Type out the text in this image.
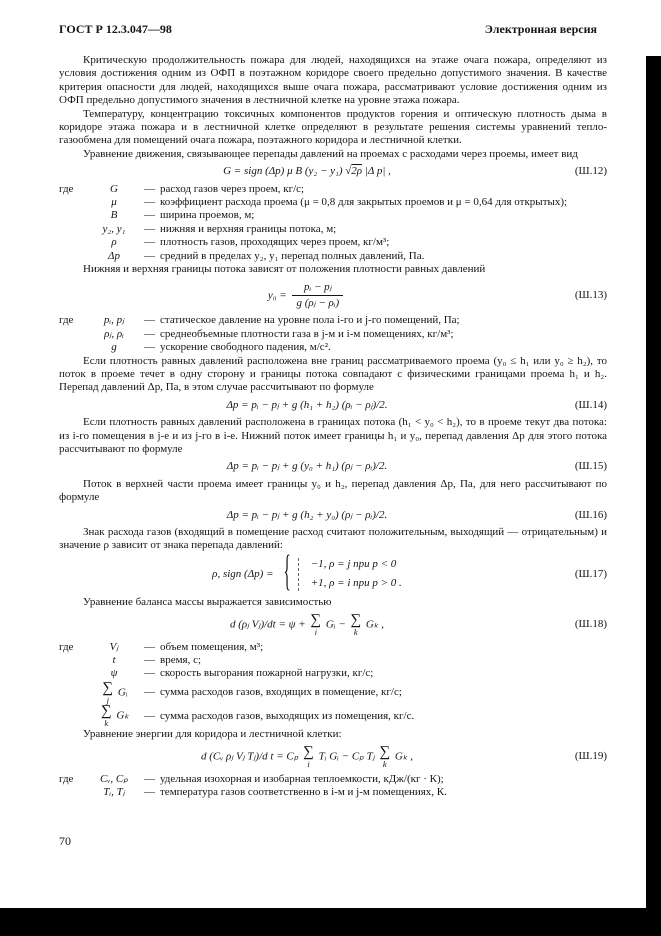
ГОСТ Р 12.3.047—98	Электронная версия
Критическую продолжительность пожара для людей, находящихся на этаже очага пожара, определяют из условия достижения одним из ОФП в поэтажном коридоре своего предельно допустимого значения. В качестве критерия опасности для людей, находящихся выше очага пожара, рассматривают условие достижения одним из ОФП предельно допустимого значения в лестничной клетке на уровне этажа пожара.
Температуру, концентрацию токсичных компонентов продуктов горения и оптическую плотность дыма в коридоре этажа пожара и в лестничной клетке определяют в результате решения системы уравнений тепло-газообмена для помещений очага пожара, поэтажного коридора и лестничной клетки.
Уравнение движения, связывающее перепады давлений на проемах с расходами через проемы, имеет вид
G = sign (Δp) μ B (y₂ − y₁) √2ρ |Δ p| ,	(Ш.12)
где	G	— расход газов через проем, кг/с;
μ	— коэффициент расхода проема (μ = 0,8 для закрытых проемов и μ = 0,64 для открытых);
B	— ширина проемов, м;
y₂, y₁	— нижняя и верхняя границы потока, м;
ρ	— плотность газов, проходящих через проем, кг/м³;
Δp	— средний в пределах y₂, y₁ перепад полных давлений, Па.
Нижняя и верхняя границы потока зависят от положения плотности равных давлений
$y_0 = \frac{\text{pᵢ − pⱼ}}{\text{g (ρⱼ − ρᵢ)}}$	(Ш.13)
где	pᵢ, pⱼ	— статическое давление на уровне пола i-го и j-го помещений, Па;
ρⱼ, ρᵢ	— среднеобъемные плотности газа в j-м и i-м помещениях, кг/м³;
g	— ускорение свободного падения, м/с².
Если плотность равных давлений расположена вне границ рассматриваемого проема (y₀ ≤ h₁ или y₀ ≥ h₂), то поток в проеме течет в одну сторону и границы потока совпадают с физическими границами проема h₁ и h₂. Перепад давлений Δp, Па, в этом случае рассчитывают по формуле
Δp = pᵢ − pⱼ + g (h₁ + h₂) (ρᵢ − ρⱼ)/2.	(Ш.14)
Если плотность равных давлений расположена в границах потока (h₁ < y₀ < h₂), то в проеме текут два потока: из i-го помещения в j-е и из j-го в i-е. Нижний поток имеет границы h₁ и y₀, перепад давления Δp для этого потока рассчитывают по формуле
Δp = pᵢ − pⱼ + g (y₀ + h₁) (ρⱼ − ρᵢ)/2.	(Ш.15)
Поток в верхней части проема имеет границы y₀ и h₂, перепад давления Δp, Па, для него рассчитывают по формуле
Δp = pᵢ − pⱼ + g (h₂ + y₀) (ρⱼ − ρᵢ)/2.	(Ш.16)
Знак расхода газов (входящий в помещение расход считают положительным, выходящий — отрицательным) и значение ρ зависит от знака перепада давлений:
ρ, sign (Δp) = { −1, ρ = j при p < 0
+1, ρ = i при p > 0 .
(Ш.17)
Уравнение баланса массы выражается зависимостью
d (ρⱼ Vⱼ)/dt = ψ + ∑
i
Gᵢ − ∑
k
Gₖ ,	(Ш.18)
где	Vⱼ	— объем помещения, м³;
t	— время, с;
ψ	— скорость выгорания пожарной нагрузки, кг/с;
∑
j
Gᵢ	— сумма расходов газов, входящих в помещение, кг/с;
∑
k
Gₖ	— сумма расходов газов, выходящих из помещения, кг/с.
Уравнение энергии для коридора и лестничной клетки:
d (Cᵥ ρⱼ Vⱼ Tⱼ)/d t = Cₚ ∑
i
Tᵢ Gᵢ − Cₚ Tⱼ ∑
k
Gₖ ,	(Ш.19)
где	Cᵥ, Cₚ	— удельная изохорная и изобарная теплоемкости, кДж/(кг · К);
Tᵢ, Tⱼ	— температура газов соответственно в i-м и j-м помещениях, К.
70
